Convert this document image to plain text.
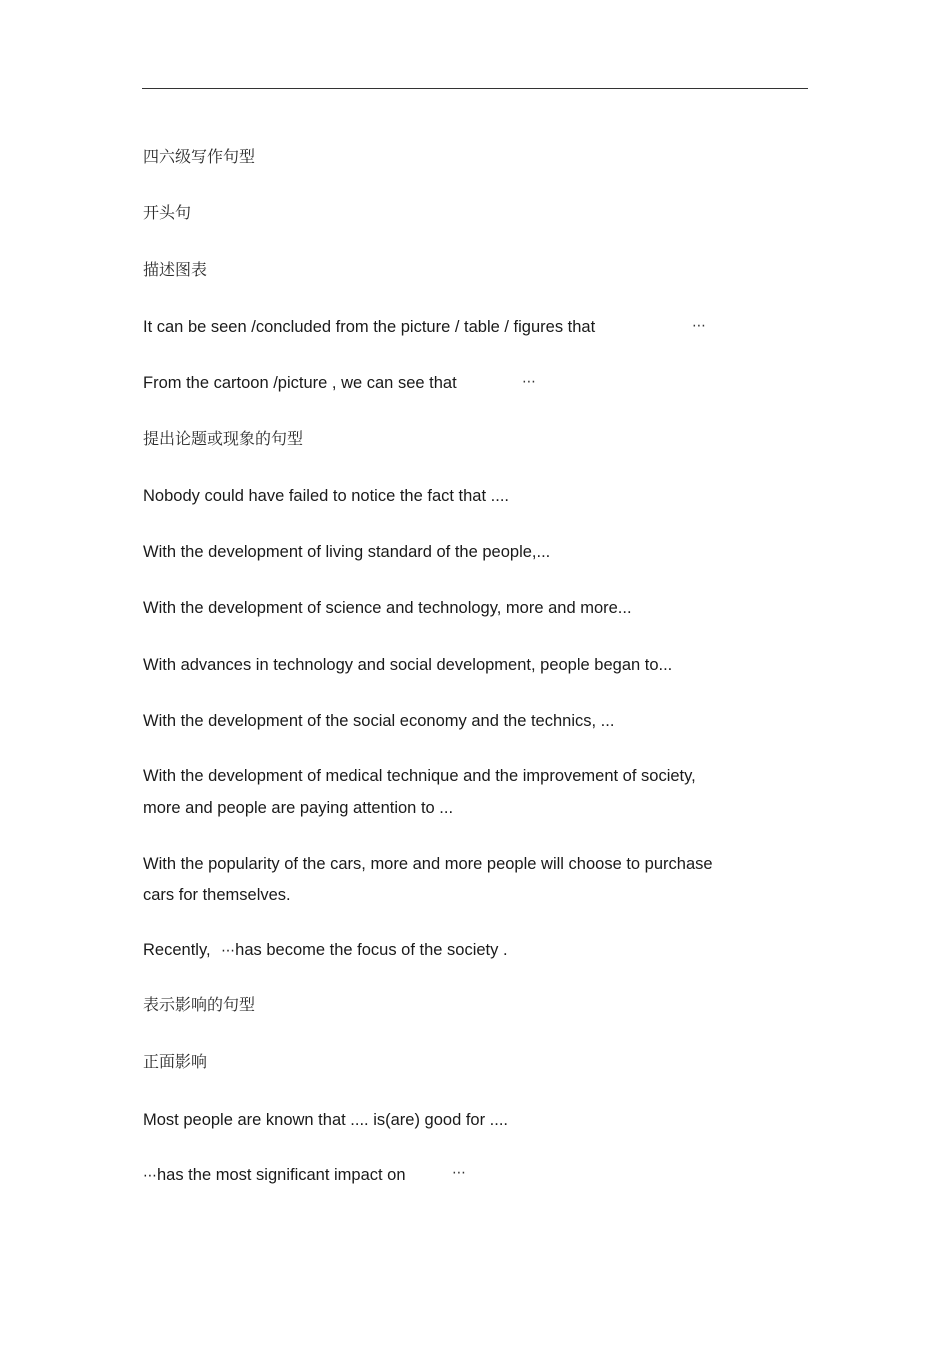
四六级写作句型
开头句
描述图表
It can be seen /concluded from the picture / table / figures that	⋯
From the cartoon /picture , we can see that	⋯
提出论题或现象的句型
Nobody could have failed to notice the fact that ....
With the development of living standard of the people,...
With the development of science and technology, more and more...
With advances in technology and social development, people began to...
With the development of the social economy and the technics, ...
With the development of medical technique and the improvement of society,
more and people are paying attention to ...
With the popularity of the cars, more and more people will choose to purchase
cars for themselves.
Recently, ⋯has become the focus of the society .
表示影响的句型
正面影响
Most people are known that .... is(are) good for ....
⋯has the most significant impact on	⋯
